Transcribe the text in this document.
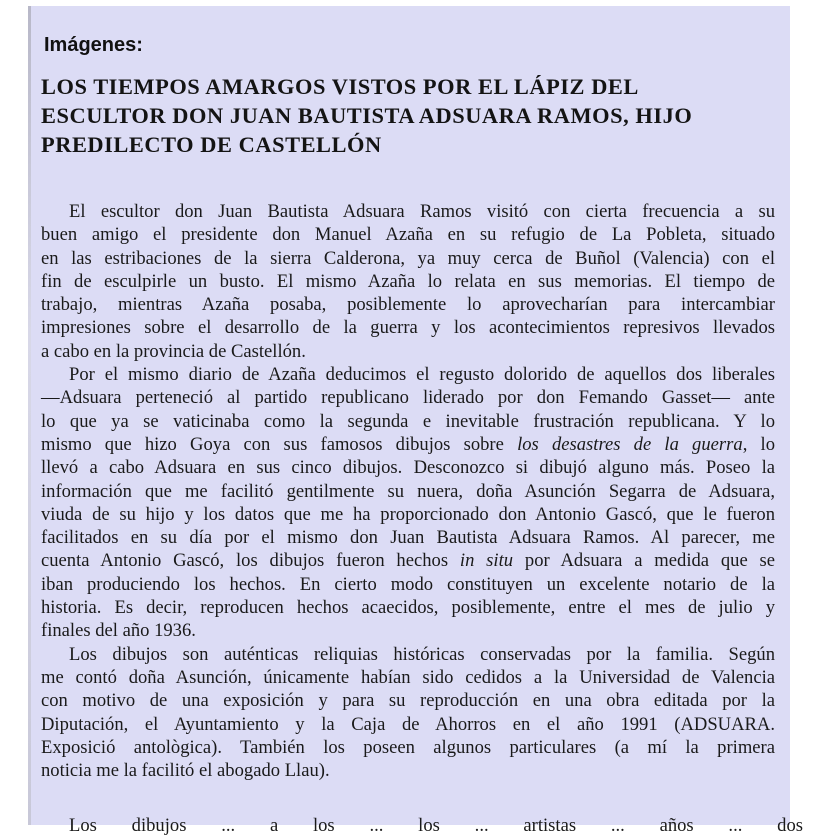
Imágenes:
LOS TIEMPOS AMARGOS VISTOS POR EL LÁPIZ DEL
ESCULTOR DON JUAN BAUTISTA ADSUARA RAMOS, HIJO
PREDILECTO DE CASTELLÓN
El escultor don Juan Bautista Adsuara Ramos visitó con cierta frecuencia a su
buen amigo el presidente don Manuel Azaña en su refugio de La Pobleta, situado
en las estribaciones de la sierra Calderona, ya muy cerca de Buñol (Valencia) con el
fin de esculpirle un busto. El mismo Azaña lo relata en sus memorias. El tiempo de
trabajo, mientras Azaña posaba, posiblemente lo aprovecharían para intercambiar
impresiones sobre el desarrollo de la guerra y los acontecimientos represivos llevados
a cabo en la provincia de Castellón.
Por el mismo diario de Azaña deducimos el regusto dolorido de aquellos dos liberales
—Adsuara perteneció al partido republicano liderado por don Femando Gasset— ante
lo que ya se vaticinaba como la segunda e inevitable frustración republicana. Y lo
mismo que hizo Goya con sus famosos dibujos sobre los desastres de la guerra, lo
llevó a cabo Adsuara en sus cinco dibujos. Desconozco si dibujó alguno más. Poseo la
información que me facilitó gentilmente su nuera, doña Asunción Segarra de Adsuara,
viuda de su hijo y los datos que me ha proporcionado don Antonio Gascó, que le fueron
facilitados en su día por el mismo don Juan Bautista Adsuara Ramos. Al parecer, me
cuenta Antonio Gascó, los dibujos fueron hechos in situ por Adsuara a medida que se
iban produciendo los hechos. En cierto modo constituyen un excelente notario de la
historia. Es decir, reproducen hechos acaecidos, posiblemente, entre el mes de julio y
finales del año 1936.
Los dibujos son auténticas reliquias históricas conservadas por la familia. Según
me contó doña Asunción, únicamente habían sido cedidos a la Universidad de Valencia
con motivo de una exposición y para su reproducción en una obra editada por la
Diputación, el Ayuntamiento y la Caja de Ahorros en el año 1991 (ADSUARA.
Exposició antològica). También los poseen algunos particulares (a mí la primera
noticia me la facilitó el abogado Llau).
Los dibujos ... a los ... los ... artistas ... años ... dos
